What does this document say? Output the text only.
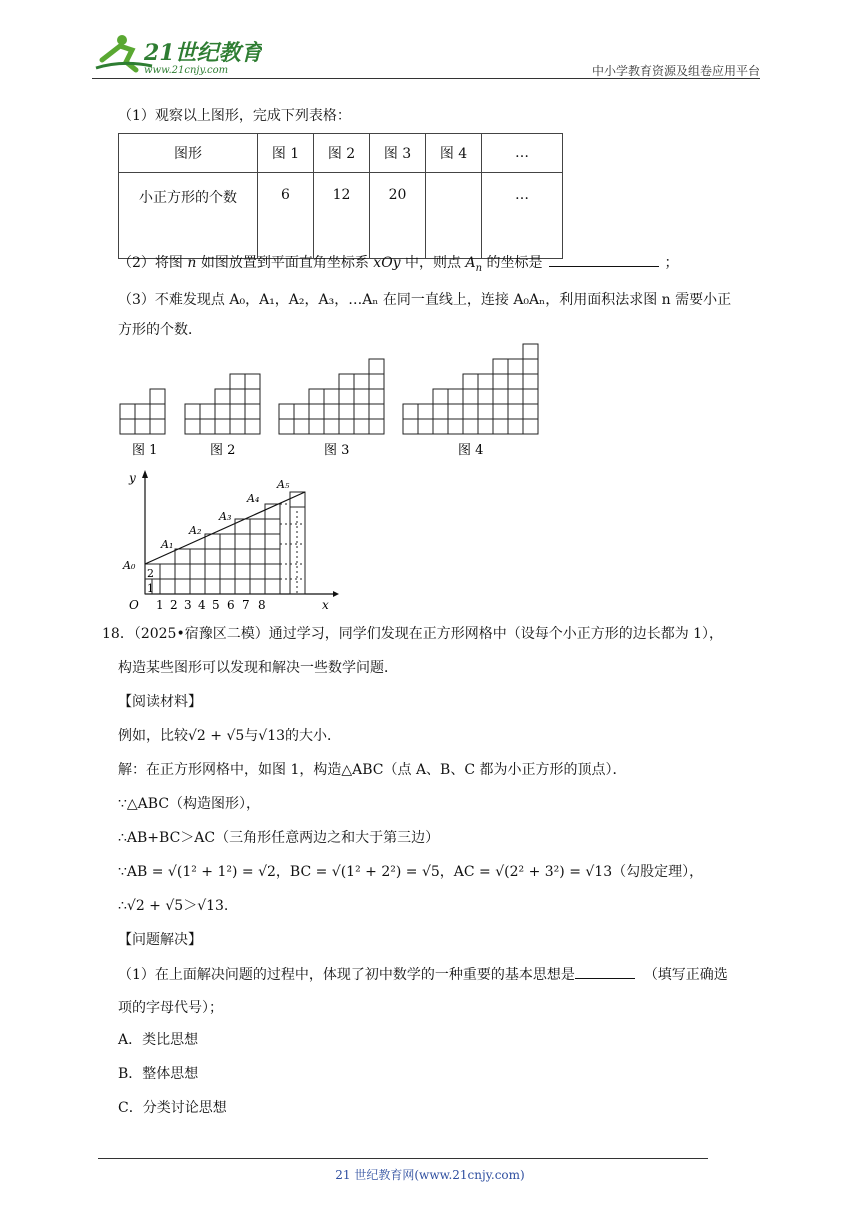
21世纪教育
www.21cnjy.com	中小学教育资源及组卷应用平台
（1）观察以上图形，完成下列表格：
图形	图 1	图 2	图 3	图 4	…
小正方形的个数	6	12	20		…
（2）将图 n 如图放置到平面直角坐标系 xOy 中，则点 $A_n$ 的坐标是	；
（3）不难发现点 A₀，A₁，A₂，A₃，…Aₙ 在同一直线上，连接 A₀Aₙ，利用面积法求图 n 需要小正
方形的个数．
图 1	图 2	图 3	图 4
y
x
O
A₀
A₁
A₂
A₃
A₄
A₅
2
1
1 2 3 4 5 6 7 8
18．（2025•宿豫区二模）通过学习，同学们发现在正方形网格中（设每个小正方形的边长都为 1），
构造某些图形可以发现和解决一些数学问题．
【阅读材料】
例如，比较√2 + √5与√13的大小．
解：在正方形网格中，如图 1，构造△ABC（点 A、B、C 都为小正方形的顶点）．
∵△ABC（构造图形），
∴AB+BC＞AC（三角形任意两边之和大于第三边）
∵AB = √(1² + 1²) = √2，BC = √(1² + 2²) = √5，AC = √(2² + 3²) = √13（勾股定理），
∴√2 + √5＞√13.
【问题解决】
（1）在上面解决问题的过程中，体现了初中数学的一种重要的基本思想是	（填写正确选
项的字母代号）；
A．类比思想
B．整体思想
C．分类讨论思想
21 世纪教育网(www.21cnjy.com)
